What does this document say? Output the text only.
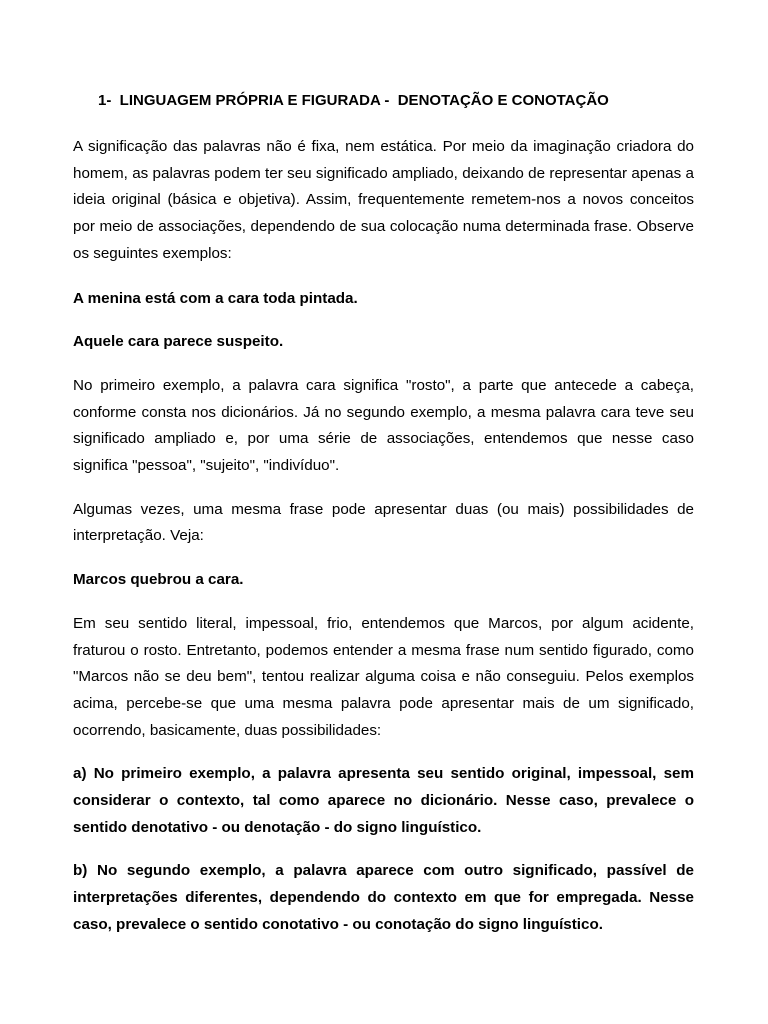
1-  LINGUAGEM PRÓPRIA E FIGURADA -  DENOTAÇÃO E CONOTAÇÃO

A significação das palavras não é fixa, nem estática. Por meio da imaginação criadora do homem, as palavras podem ter seu significado ampliado, deixando de representar apenas a ideia original (básica e objetiva). Assim, frequentemente remetem-nos a novos conceitos por meio de associações, dependendo de sua colocação numa determinada frase. Observe os seguintes exemplos:

A menina está com a cara toda pintada.

Aquele cara parece suspeito.

No primeiro exemplo, a palavra cara significa "rosto", a parte que antecede a cabeça, conforme consta nos dicionários. Já no segundo exemplo, a mesma palavra cara teve seu significado ampliado e, por uma série de associações, entendemos que nesse caso significa "pessoa", "sujeito", "indivíduo".

Algumas vezes, uma mesma frase pode apresentar duas (ou mais) possibilidades de interpretação. Veja:

Marcos quebrou a cara.

Em seu sentido literal, impessoal, frio, entendemos que Marcos, por algum acidente, fraturou o rosto. Entretanto, podemos entender a mesma frase num sentido figurado, como "Marcos não se deu bem", tentou realizar alguma coisa e não conseguiu. Pelos exemplos acima, percebe-se que uma mesma palavra pode apresentar mais de um significado, ocorrendo, basicamente, duas possibilidades:

a) No primeiro exemplo, a palavra apresenta seu sentido original, impessoal, sem considerar o contexto, tal como aparece no dicionário. Nesse caso, prevalece o sentido denotativo - ou denotação - do signo linguístico.

b) No segundo exemplo, a palavra aparece com outro significado, passível de interpretações diferentes, dependendo do contexto em que for empregada. Nesse caso, prevalece o sentido conotativo - ou conotação do signo linguístico.
